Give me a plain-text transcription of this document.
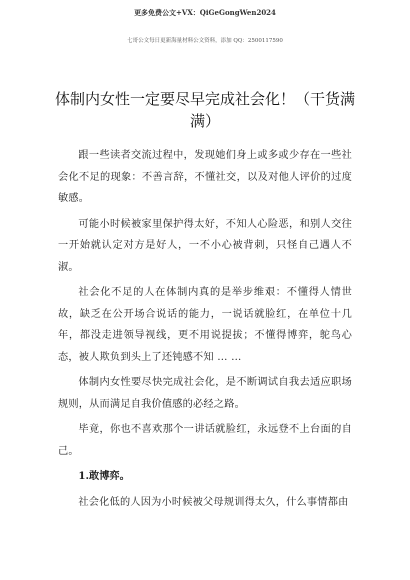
更多免费公文+VX：QiGeGongWen2024
七哥公文每日更新海量材料公文资料，添加 QQ：2500117590
体制内女性一定要尽早完成社会化！（干货满满）

跟一些读者交流过程中，发现她们身上或多或少存在一些社会化不足的现象：不善言辞，不懂社交，以及对他人评价的过度敏感。

可能小时候被家里保护得太好，不知人心险恶，和别人交往一开始就认定对方是好人，一不小心被背刺，只怪自己遇人不淑。

社会化不足的人在体制内真的是举步维艰：不懂得人情世故，缺乏在公开场合说话的能力，一说话就脸红，在单位十几年，都没走进领导视线，更不用说提拔；不懂得博弈，鸵鸟心态，被人欺负到头上了还钝感不知 … …

体制内女性要尽快完成社会化，是不断调试自我去适应职场规则，从而满足自我价值感的必经之路。

毕竟，你也不喜欢那个一讲话就脸红，永远登不上台面的自己。

1.敢博弈。

社会化低的人因为小时候被父母规训得太久，什么事情都由
